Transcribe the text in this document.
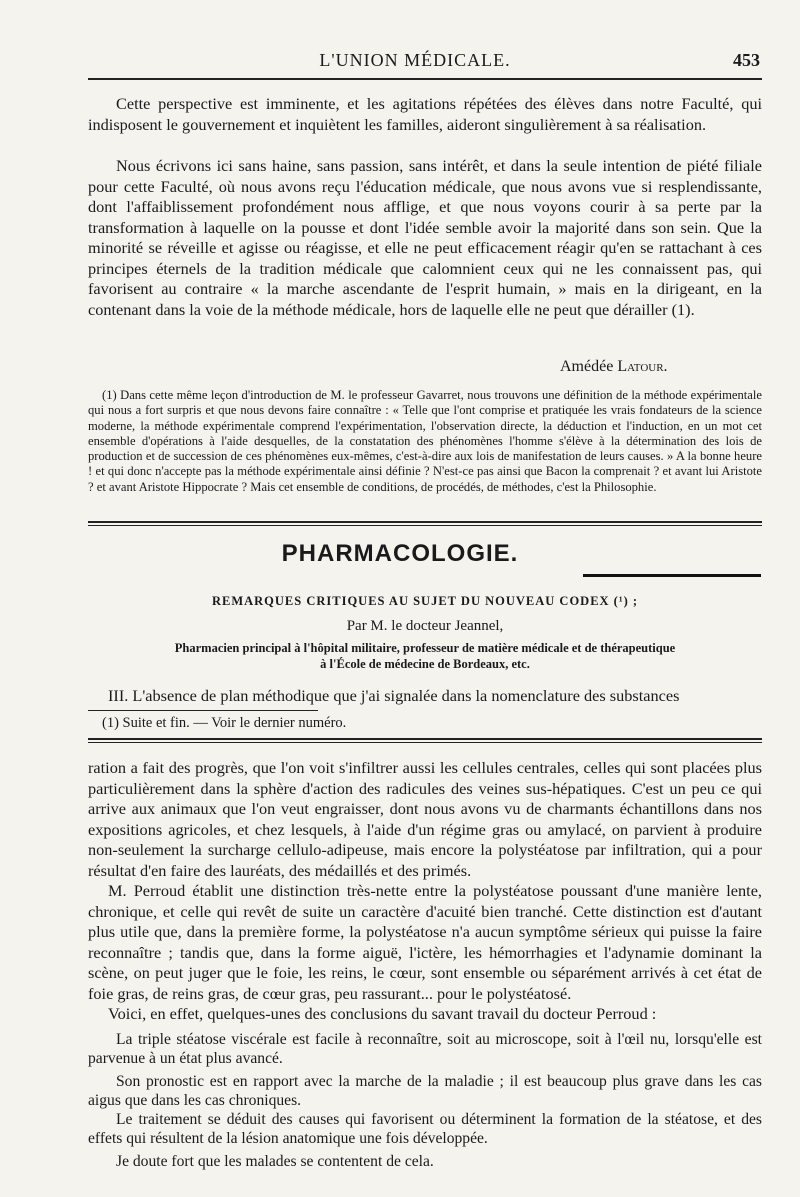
L'UNION MÉDICALE.	453
Cette perspective est imminente, et les agitations répétées des élèves dans notre Faculté, qui indisposent le gouvernement et inquiètent les familles, aideront singulièrement à sa réalisation.
Nous écrivons ici sans haine, sans passion, sans intérêt, et dans la seule intention de piété filiale pour cette Faculté, où nous avons reçu l'éducation médicale, que nous avons vue si resplendissante, dont l'affaiblissement profondément nous afflige, et que nous voyons courir à sa perte par la transformation à laquelle on la pousse et dont l'idée semble avoir la majorité dans son sein. Que la minorité se réveille et agisse ou réagisse, et elle ne peut efficacement réagir qu'en se rattachant à ces principes éternels de la tradition médicale que calomnient ceux qui ne les connaissent pas, qui favorisent au contraire « la marche ascendante de l'esprit humain, » mais en la dirigeant, en la contenant dans la voie de la méthode médicale, hors de laquelle elle ne peut que dérailler (1).
Amédée Latour.
(1) Dans cette même leçon d'introduction de M. le professeur Gavarret, nous trouvons une définition de la méthode expérimentale qui nous a fort surpris et que nous devons faire connaître : « Telle que l'ont comprise et pratiquée les vrais fondateurs de la science moderne, la méthode expérimentale comprend l'expérimentation, l'observation directe, la déduction et l'induction, en un mot cet ensemble d'opérations à l'aide desquelles, de la constatation des phénomènes l'homme s'élève à la détermination des lois de production et de succession de ces phénomènes eux-mêmes, c'est-à-dire aux lois de manifestation de leurs causes. » A la bonne heure ! et qui donc n'accepte pas la méthode expérimentale ainsi définie ? N'est-ce pas ainsi que Bacon la comprenait ? et avant lui Aristote ? et avant Aristote Hippocrate ? Mais cet ensemble de conditions, de procédés, de méthodes, c'est la Philosophie.
PHARMACOLOGIE.
REMARQUES CRITIQUES AU SUJET DU NOUVEAU CODEX (¹) ;
Par M. le docteur Jeannel,
Pharmacien principal à l'hôpital militaire, professeur de matière médicale et de thérapeutique
à l'École de médecine de Bordeaux, etc.
III. L'absence de plan méthodique que j'ai signalée dans la nomenclature des substances
(1) Suite et fin. — Voir le dernier numéro.
ration a fait des progrès, que l'on voit s'infiltrer aussi les cellules centrales, celles qui sont placées plus particulièrement dans la sphère d'action des radicules des veines sus-hépatiques. C'est un peu ce qui arrive aux animaux que l'on veut engraisser, dont nous avons vu de charmants échantillons dans nos expositions agricoles, et chez lesquels, à l'aide d'un régime gras ou amylacé, on parvient à produire non-seulement la surcharge cellulo-adipeuse, mais encore la polystéatose par infiltration, qui a pour résultat d'en faire des lauréats, des médaillés et des primés.
M. Perroud établit une distinction très-nette entre la polystéatose poussant d'une manière lente, chronique, et celle qui revêt de suite un caractère d'acuité bien tranché. Cette distinction est d'autant plus utile que, dans la première forme, la polystéatose n'a aucun symptôme sérieux qui puisse la faire reconnaître ; tandis que, dans la forme aiguë, l'ictère, les hémorrhagies et l'adynamie dominant la scène, on peut juger que le foie, les reins, le cœur, sont ensemble ou séparément arrivés à cet état de foie gras, de reins gras, de cœur gras, peu rassurant... pour le polystéatosé.
Voici, en effet, quelques-unes des conclusions du savant travail du docteur Perroud :
La triple stéatose viscérale est facile à reconnaître, soit au microscope, soit à l'œil nu, lorsqu'elle est parvenue à un état plus avancé.
Son pronostic est en rapport avec la marche de la maladie ; il est beaucoup plus grave dans les cas aigus que dans les cas chroniques.
Le traitement se déduit des causes qui favorisent ou déterminent la formation de la stéatose, et des effets qui résultent de la lésion anatomique une fois développée.
Je doute fort que les malades se contentent de cela.
